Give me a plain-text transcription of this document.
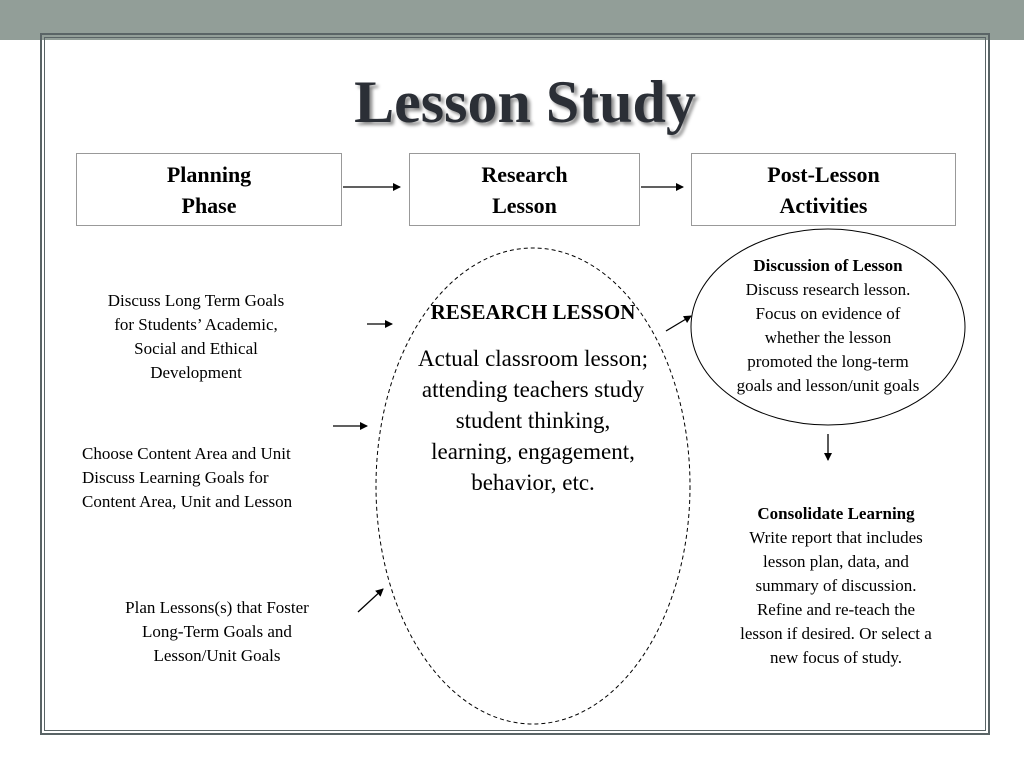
Lesson Study
Planning
Phase
Research
Lesson
Post-Lesson
Activities
Discuss Long Term Goals
for Students’ Academic,
Social and Ethical
Development
Choose Content Area and Unit
Discuss Learning Goals for
Content Area, Unit and Lesson
Plan Lessons(s) that Foster
Long-Term Goals and
Lesson/Unit Goals
RESEARCH LESSON
Actual classroom lesson;
attending teachers study
student thinking,
learning, engagement,
behavior, etc.
Discussion of Lesson
Discuss research lesson.
Focus on evidence of
whether the lesson
promoted the long-term
goals and lesson/unit goals
Consolidate Learning
Write report that includes
lesson plan, data, and
summary of discussion.
Refine and re-teach the
lesson if desired. Or select a
new focus of study.
